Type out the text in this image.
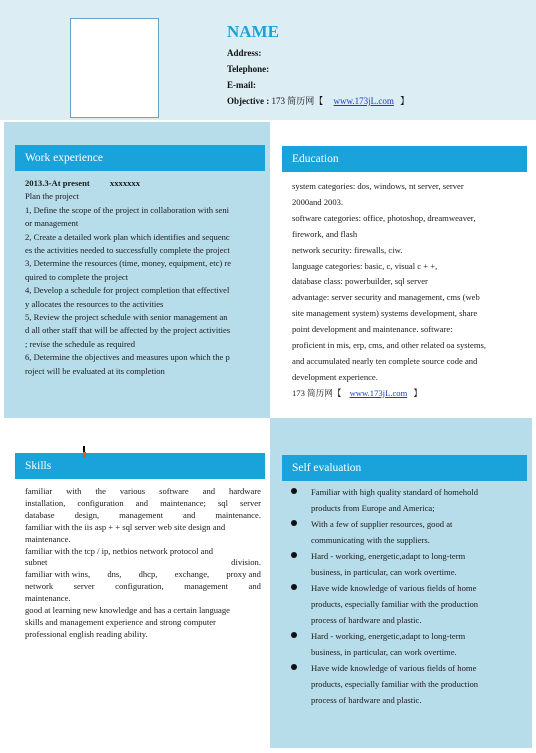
NAME
Address:
Telephone:
E-mail:
Objective : 173 简历网【 www.173jL.com 】
Work experience

2013.3-At present xxxxxxx

Plan the project

1, Define the scope of the project in collaboration with seni

or management

2, Create a detailed work plan which identifies and sequenc

es the activities needed to successfully complete the project

3, Determine the resources (time, money, equipment, etc) re

quired to complete the project

4, Develop a schedule for project completion that effectivel

y allocates the resources to the activities

5, Review the project schedule with senior management an

d all other staff that will be affected by the project activities

; revise the schedule as required

6, Determine the objectives and measures upon which the p

roject will be evaluated at its completion

Education

system categories: dos, windows, nt server, server

2000and 2003.

software categories: office, photoshop, dreamweaver,

firework, and flash

network security: firewalls, ciw.

language categories: basic, c, visual c + +,

database class: powerbuilder, sql server

advantage: server security and management, cms (web

site management system) systems development, share

point development and maintenance. software:

proficient in mis, erp, cms, and other related oa systems,

and accumulated nearly ten complete source code and

development experience.

173 简历网【 www.173jL.com 】

Skills
familiar with the various software and hardware
installation, configuration and maintenance; sql server
database design, management and maintenance.
familiar with the iis asp + + sql server web site design and
maintenance.
familiar with the tcp / ip, netbios network protocol and
subnet	division.
familiar with wins, dns, dhcp, exchange, proxy and
network server configuration, management and
maintenance.
good at learning new knowledge and has a certain language
skills and management experience and strong computer
professional english reading ability.
Self evaluation
Familiar with high quality standard of homehold
products from Europe and America;
With a few of supplier resources, good at
communicating with the suppliers.
Hard - working, energetic,adapt to long-term
business, in particular, can work overtime.
Have wide knowledge of various fields of home
products, especially familiar with the production
process of hardware and plastic.
Hard - working, energetic,adapt to long-term
business, in particular, can work overtime.
Have wide knowledge of various fields of home
products, especially familiar with the production
process of hardware and plastic.
